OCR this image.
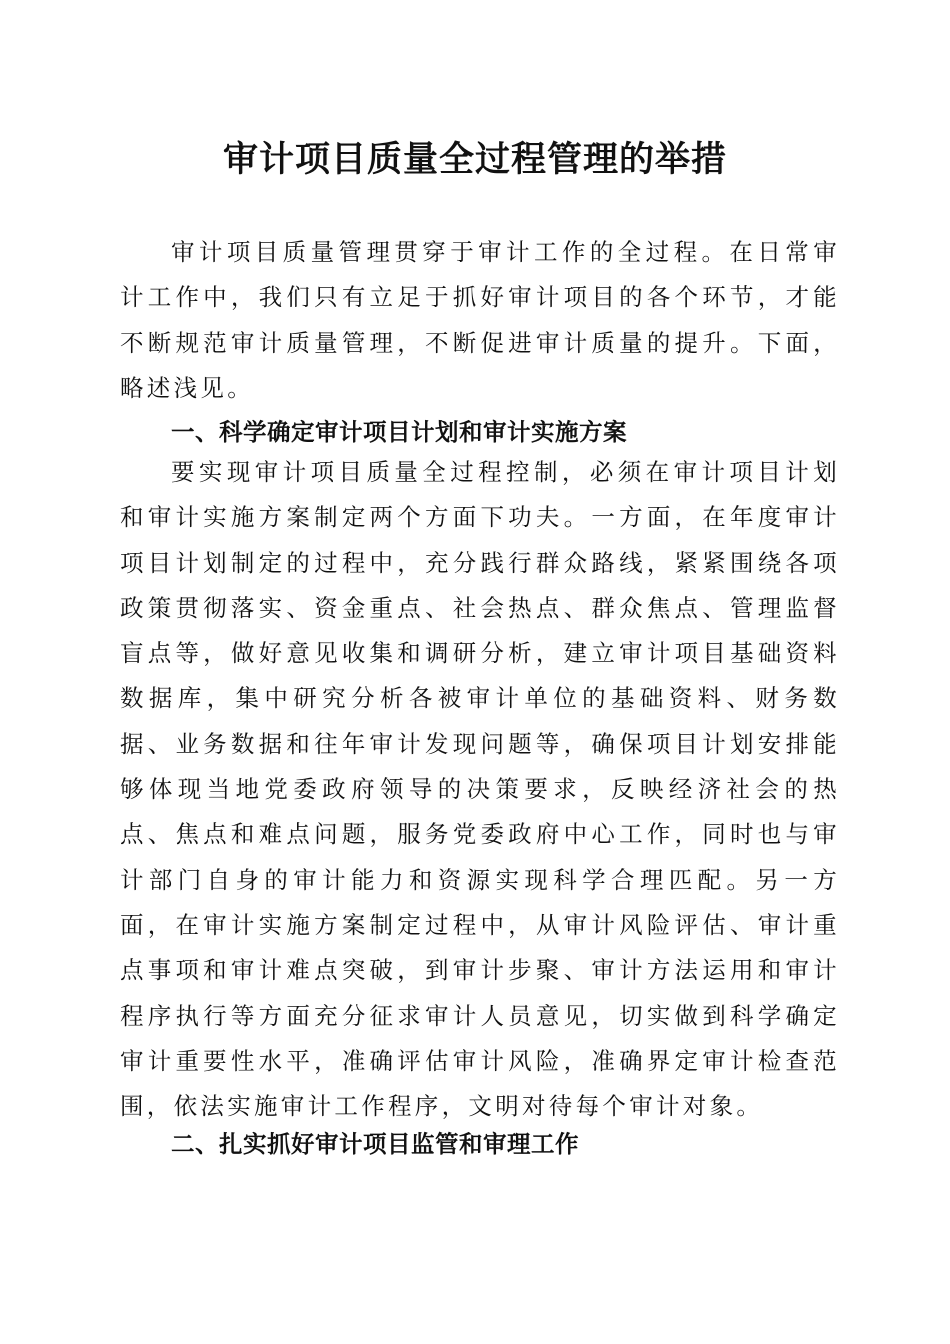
审计项目质量全过程管理的举措

审计项目质量管理贯穿于审计工作的全过程。在日常审计工作中，我们只有立足于抓好审计项目的各个环节，才能不断规范审计质量管理，不断促进审计质量的提升。下面，略述浅见。

一、科学确定审计项目计划和审计实施方案

要实现审计项目质量全过程控制，必须在审计项目计划和审计实施方案制定两个方面下功夫。一方面，在年度审计项目计划制定的过程中，充分践行群众路线，紧紧围绕各项政策贯彻落实、资金重点、社会热点、群众焦点、管理监督盲点等，做好意见收集和调研分析，建立审计项目基础资料数据库，集中研究分析各被审计单位的基础资料、财务数据、业务数据和往年审计发现问题等，确保项目计划安排能够体现当地党委政府领导的决策要求，反映经济社会的热点、焦点和难点问题，服务党委政府中心工作，同时也与审计部门自身的审计能力和资源实现科学合理匹配。另一方面，在审计实施方案制定过程中，从审计风险评估、审计重点事项和审计难点突破，到审计步聚、审计方法运用和审计程序执行等方面充分征求审计人员意见，切实做到科学确定审计重要性水平，准确评估审计风险，准确界定审计检查范围，依法实施审计工作程序，文明对待每个审计对象。

二、扎实抓好审计项目监管和审理工作
